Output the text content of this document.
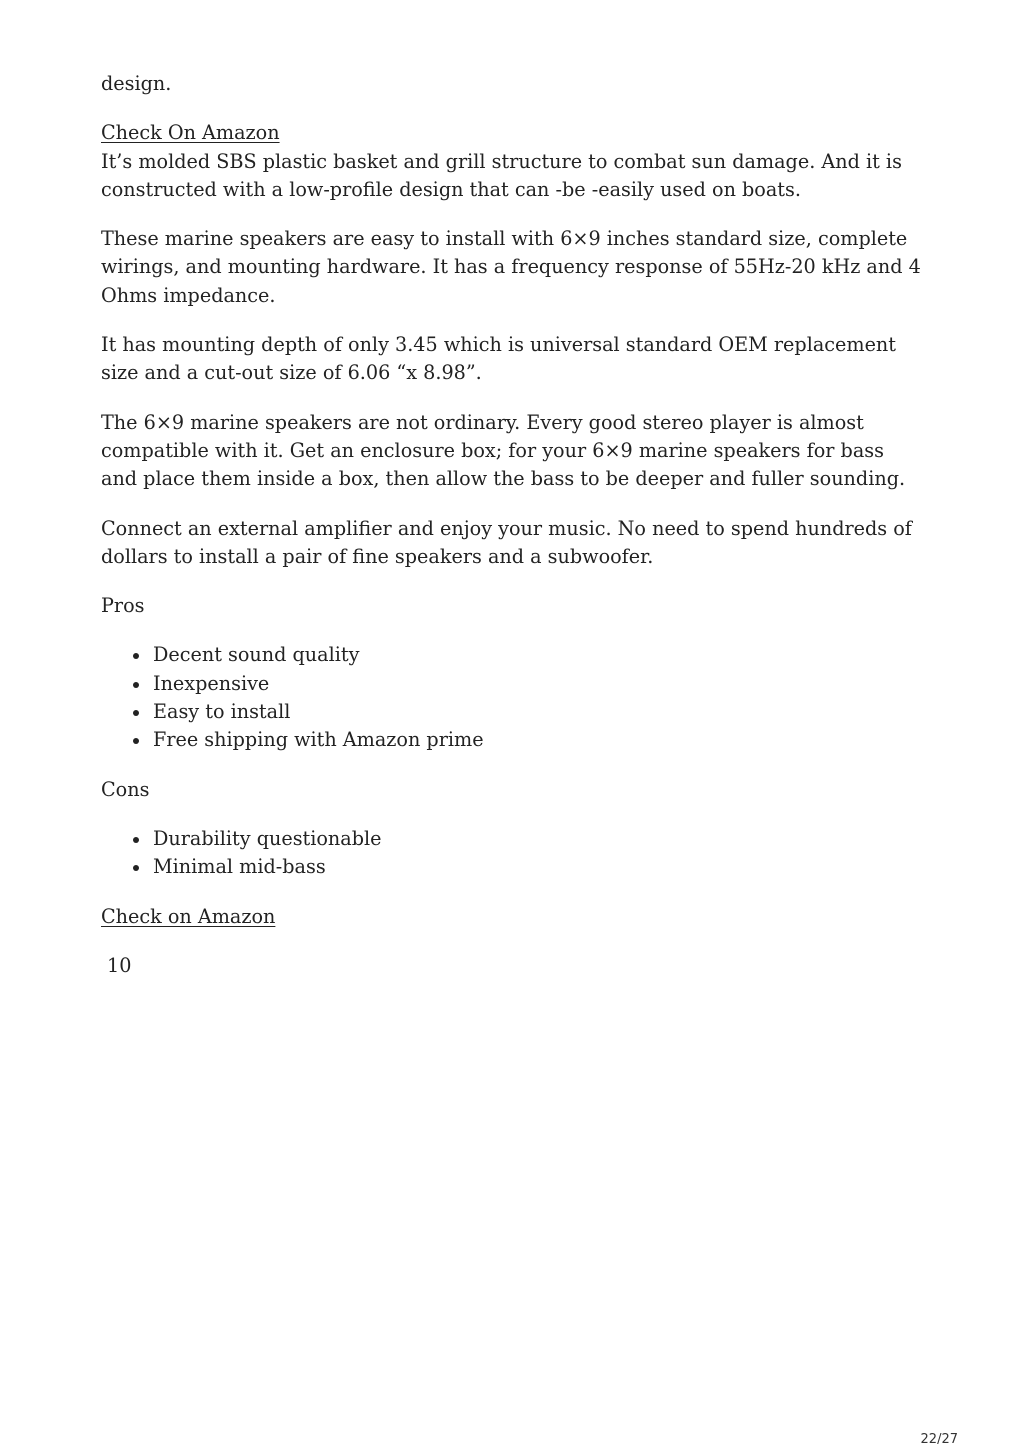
design.

Check On Amazon

It’s molded SBS plastic basket and grill structure to combat sun damage. And it is constructed with a low-profile design that can -be -easily used on boats.

These marine speakers are easy to install with 6×9 inches standard size, complete wirings, and mounting hardware. It has a frequency response of 55Hz-20 kHz and 4 Ohms impedance.

It has mounting depth of only 3.45 which is universal standard OEM replacement size and a cut-out size of 6.06 “x 8.98”.

The 6×9 marine speakers are not ordinary. Every good stereo player is almost compatible with it. Get an enclosure box; for your 6×9 marine speakers for bass and place them inside a box, then allow the bass to be deeper and fuller sounding.

Connect an external amplifier and enjoy your music. No need to spend hundreds of dollars to install a pair of fine speakers and a subwoofer.

Pros

Decent sound quality
Inexpensive
Easy to install
Free shipping with Amazon prime

Cons

Durability questionable
Minimal mid-bass

Check on Amazon

10

22/27
